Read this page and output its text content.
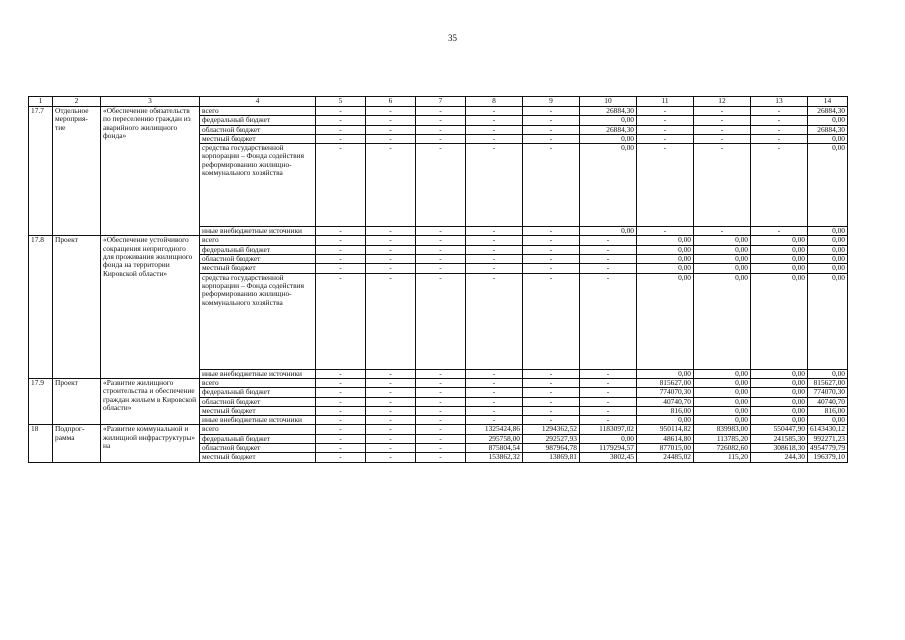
35
1	2	3	4	5	6	7	8	9	10	11	12	13	14
17.7	Отдельное мероприя-тие	«Обеспечение обязательств по переселению граждан из аварийного жилищного фонда»	всего	-	-	-	-	-	26884,30	-	-	-	26884,30
			федеральный бюджет	-	-	-	-	-	0,00	-	-	-	0,00
			областной бюджет	-	-	-	-	-	26884,30	-	-	-	26884,30
			местный бюджет	-	-	-	-	-	0,00	-	-	-	0,00
			средства государственной корпорации – Фонда содействия реформированию жилищно-коммунального хозяйства	-	-	-	-	-	0,00	-	-	-	0,00
			иные внебюджетные источники	-	-	-	-	-	0,00	-	-	-	0,00
17.8	Проект	«Обеспечение устойчивого сокращения непригодного для проживания жилищного фонда на территории Кировской области»	всего	-	-	-	-	-	-	0,00	0,00	0,00	0,00
			федеральный бюджет	-	-	-	-	-	-	0,00	0,00	0,00	0,00
			областной бюджет	-	-	-	-	-	-	0,00	0,00	0,00	0,00
			местный бюджет	-	-	-	-	-	-	0,00	0,00	0,00	0,00
			средства государственной корпорации – Фонда содействия реформированию жилищно-коммунального хозяйства	-	-	-	-	-	-	0,00	0,00	0,00	0,00
			иные внебюджетные источники	-	-	-	-	-	-	0,00	0,00	0,00	0,00
17.9	Проект	«Развитие жилищного строительства и обеспечение граждан жильем в Кировской области»	всего	-	-	-	-	-	-	815627,00	0,00	0,00	815627,00
			федеральный бюджет	-	-	-	-	-	-	774070,30	0,00	0,00	774070,30
			областной бюджет	-	-	-	-	-	-	40740,70	0,00	0,00	40740,70
			местный бюджет	-	-	-	-	-	-	816,00	0,00	0,00	816,00
			иные внебюджетные источники	-	-	-	-	-	-	0,00	0,00	0,00	0,00
18	Подпрог-рамма	«Развитие коммунальной и жилищной инфраструктуры» на	всего	-	-	-	1325424,86	1294362,52	1183097,02	950114,82	839983,00	550447,90	6143430,12
			федеральный бюджет	-	-	-	295758,00	292527,93	0,00	48614,80	113785,20	241585,30	992271,23
			областной бюджет	-	-	-	875804,54	987964,78	1179294,57	877015,00	726082,60	308618,30	4954779,79
			местный бюджет	-	-	-	153862,32	13869,81	3802,45	24485,02	115,20	244,30	196379,10
